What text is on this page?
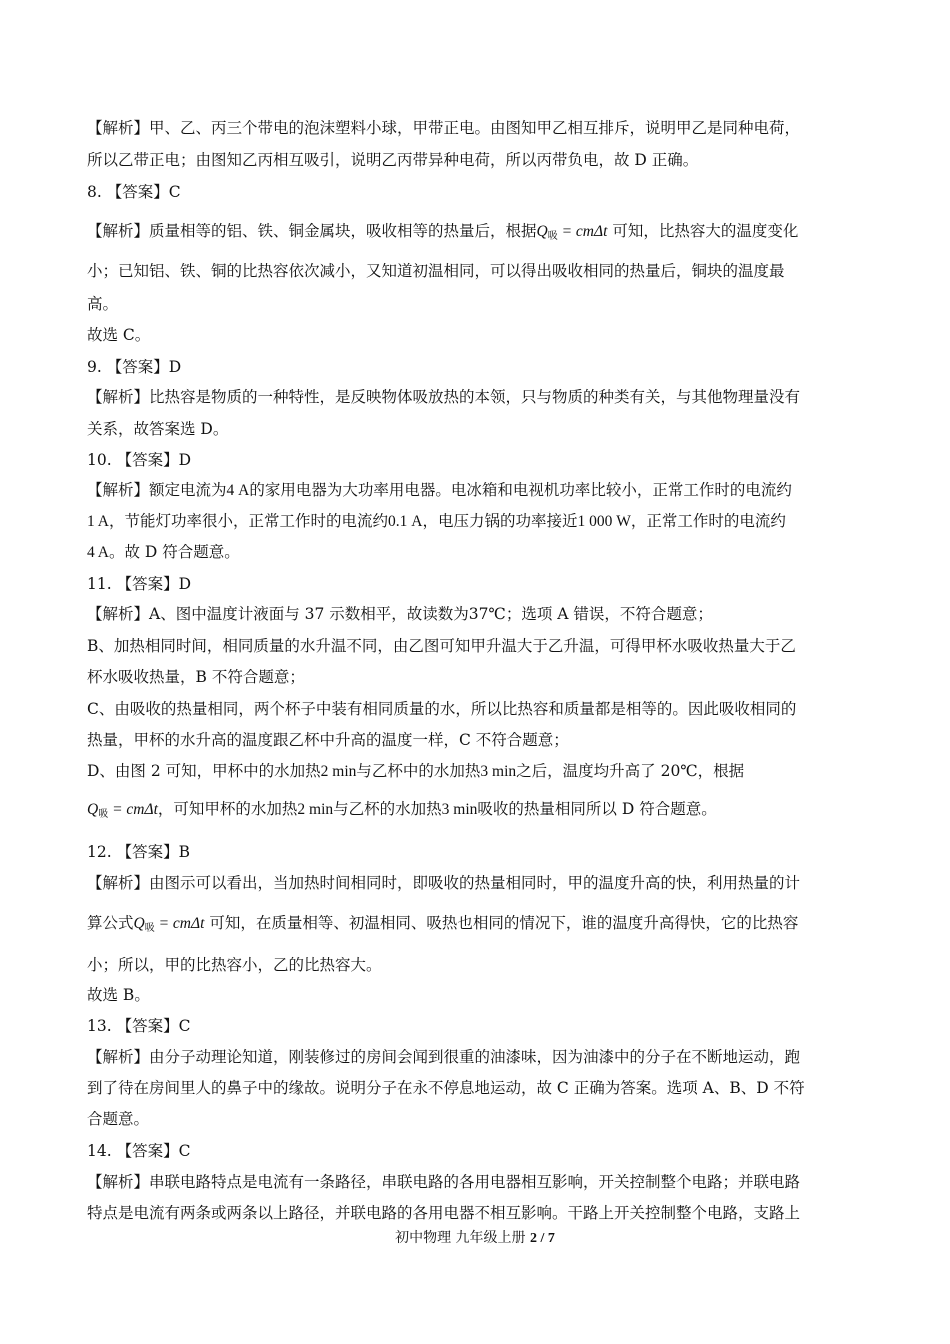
【解析】甲、乙、丙三个带电的泡沫塑料小球，甲带正电。由图知甲乙相互排斥，说明甲乙是同种电荷，
所以乙带正电；由图知乙丙相互吸引，说明乙丙带异种电荷，所以丙带负电，故 D 正确。
8. 【答案】C
【解析】质量相等的铝、铁、铜金属块，吸收相等的热量后，根据$Q_吸 = cm\Delta t$ 可知，比热容大的温度变化
小；已知铝、铁、铜的比热容依次减小，又知道初温相同，可以得出吸收相同的热量后，铜块的温度最
高。
故选 C。
9. 【答案】D
【解析】比热容是物质的一种特性，是反映物体吸放热的本领，只与物质的种类有关，与其他物理量没有
关系，故答案选 D。
10. 【答案】D
【解析】额定电流为4 A的家用电器为大功率用电器。电冰箱和电视机功率比较小，正常工作时的电流约
1 A，节能灯功率很小，正常工作时的电流约0.1 A，电压力锅的功率接近1 000 W，正常工作时的电流约
4 A。故 D 符合题意。
11. 【答案】D
【解析】A、图中温度计液面与 37 示数相平，故读数为37℃；选项 A 错误，不符合题意；
B、加热相同时间，相同质量的水升温不同，由乙图可知甲升温大于乙升温，可得甲杯水吸收热量大于乙
杯水吸收热量，B 不符合题意；
C、由吸收的热量相同，两个杯子中装有相同质量的水，所以比热容和质量都是相等的。因此吸收相同的
热量，甲杯的水升高的温度跟乙杯中升高的温度一样，C 不符合题意；
D、由图 2 可知，甲杯中的水加热2 min与乙杯中的水加热3 min之后，温度均升高了 20℃，根据
$Q_吸 = cm\Delta t$，可知甲杯的水加热2 min与乙杯的水加热3 min吸收的热量相同所以 D 符合题意。
12. 【答案】B
【解析】由图示可以看出，当加热时间相同时，即吸收的热量相同时，甲的温度升高的快，利用热量的计
算公式$Q_吸 = cm\Delta t$ 可知，在质量相等、初温相同、吸热也相同的情况下，谁的温度升高得快，它的比热容
小；所以，甲的比热容小，乙的比热容大。
故选 B。
13. 【答案】C
【解析】由分子动理论知道，刚装修过的房间会闻到很重的油漆味，因为油漆中的分子在不断地运动，跑
到了待在房间里人的鼻子中的缘故。说明分子在永不停息地运动，故 C 正确为答案。选项 A、B、D 不符
合题意。
14. 【答案】C
【解析】串联电路特点是电流有一条路径，串联电路的各用电器相互影响，开关控制整个电路；并联电路
特点是电流有两条或两条以上路径，并联电路的各用电器不相互影响。干路上开关控制整个电路，支路上
初中物理 九年级上册 2 / 7
